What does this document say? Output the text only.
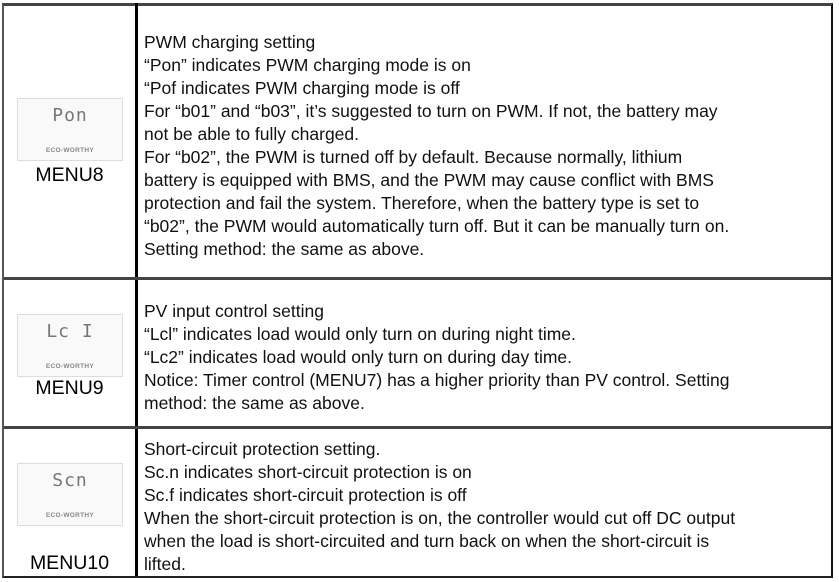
Pon
ECO-WORTHY
MENU8
PWM charging setting
“Pon” indicates PWM charging mode is on
“Pof indicates PWM charging mode is off
For “b01” and “b03”, it’s suggested to turn on PWM. If not, the battery may
not be able to fully charged.
For “b02”, the PWM is turned off by default. Because normally, lithium
battery is equipped with BMS, and the PWM may cause conflict with BMS
protection and fail the system. Therefore, when the battery type is set to
“b02”, the PWM would automatically turn off. But it can be manually turn on.
Setting method: the same as above.
Lc I
ECO-WORTHY
MENU9
PV input control setting
“Lcl” indicates load would only turn on during night time.
“Lc2” indicates load would only turn on during day time.
Notice: Timer control (MENU7) has a higher priority than PV control. Setting
method: the same as above.
Scn
ECO-WORTHY
MENU10
Short-circuit protection setting.
Sc.n indicates short-circuit protection is on
Sc.f indicates short-circuit protection is off
When the short-circuit protection is on, the controller would cut off DC output
when the load is short-circuited and turn back on when the short-circuit is
lifted.
